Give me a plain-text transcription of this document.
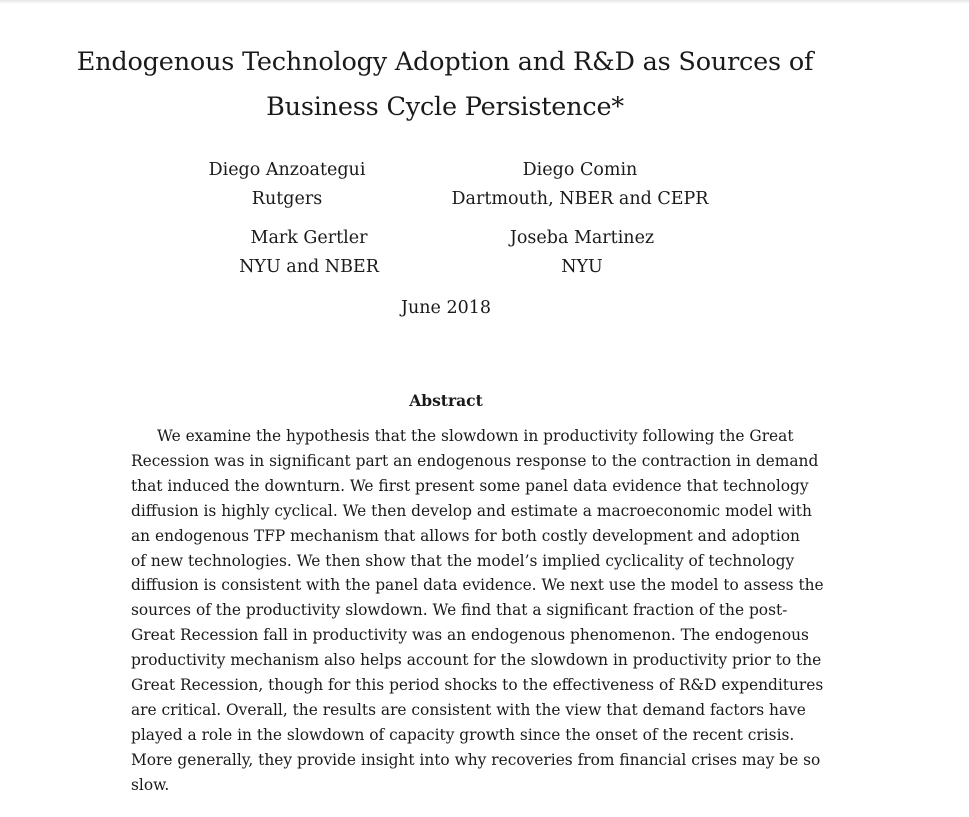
Endogenous Technology Adoption and R&D as Sources of
Business Cycle Persistence*
Diego Anzoategui
Rutgers
Diego Comin
Dartmouth, NBER and CEPR
Mark Gertler
NYU and NBER
Joseba Martinez
NYU
June 2018
Abstract
We examine the hypothesis that the slowdown in productivity following the Great
Recession was in significant part an endogenous response to the contraction in demand
that induced the downturn. We first present some panel data evidence that technology
diffusion is highly cyclical. We then develop and estimate a macroeconomic model with
an endogenous TFP mechanism that allows for both costly development and adoption
of new technologies. We then show that the model’s implied cyclicality of technology
diffusion is consistent with the panel data evidence. We next use the model to assess the
sources of the productivity slowdown. We find that a significant fraction of the post-
Great Recession fall in productivity was an endogenous phenomenon. The endogenous
productivity mechanism also helps account for the slowdown in productivity prior to the
Great Recession, though for this period shocks to the effectiveness of R&D expenditures
are critical. Overall, the results are consistent with the view that demand factors have
played a role in the slowdown of capacity growth since the onset of the recent crisis.
More generally, they provide insight into why recoveries from financial crises may be so
slow.
